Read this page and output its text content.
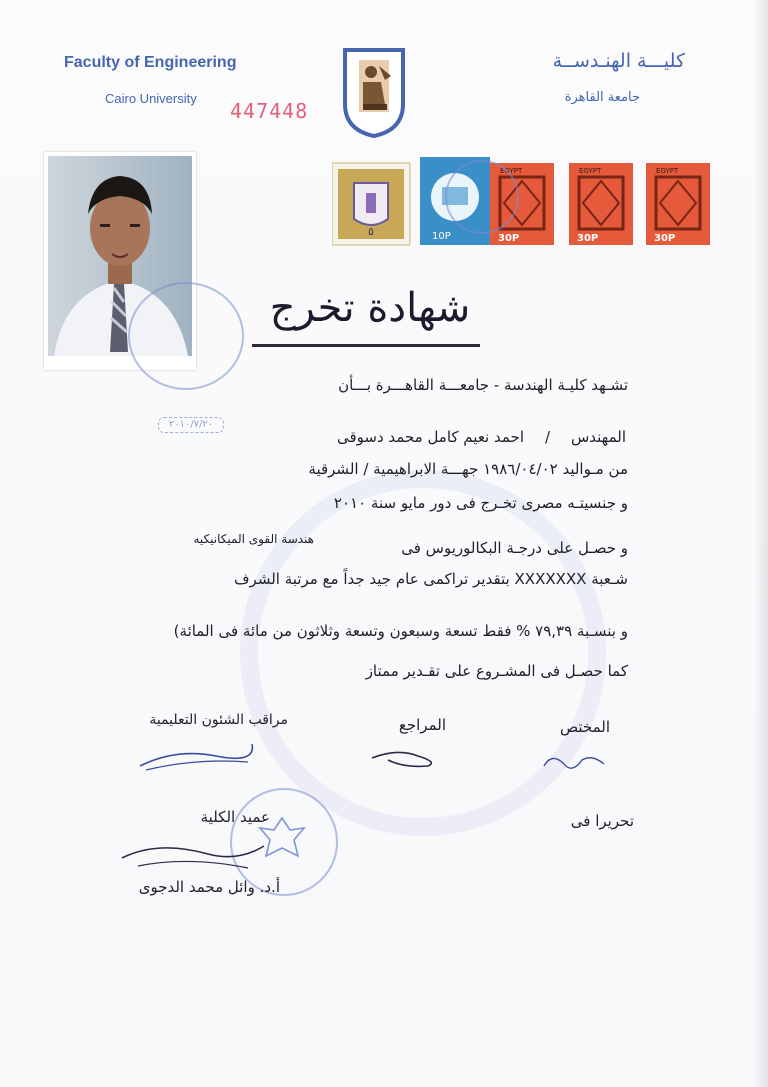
Faculty of Engineering
Cairo University
447448
كليـــة الهنـدســة
جامعة القاهرة
٥	10P
EGYPT
30P
EGYPT
30P
EGYPT
30P
شهادة تخرج
تشـهد كليـة الهندسة - جامعـــة القاهـــرة بـــأن
٢٠١٠/٧/٢٠
المهندس
/
احمد نعيم كامل محمد دسوقى
من مـواليد ١٩٨٦/٠٤/٠٢ جهـــة الابراهيمية / الشرقية
و جنسيتـه مصرى تخـرج فى دور مايو سنة ٢٠١٠
و حصـل على درجـة البكالوريوس فى
هندسة القوى الميكانيكيه
شـعبة XXXXXXX بتقدير تراكمى عام جيد جداً مع مرتبة الشرف
و بنسـبة ٧٩,٣٩ % فقط تسعة وسبعون وتسعة وثلاثون من مائة فى المائة)
كما حصـل فى المشـروع على تقـدير ممتاز
المختص
المراجع
مراقب الشئون التعليمية
تحريرا فى
عميد الكلية
أ.د. وائل محمد الدجوى
